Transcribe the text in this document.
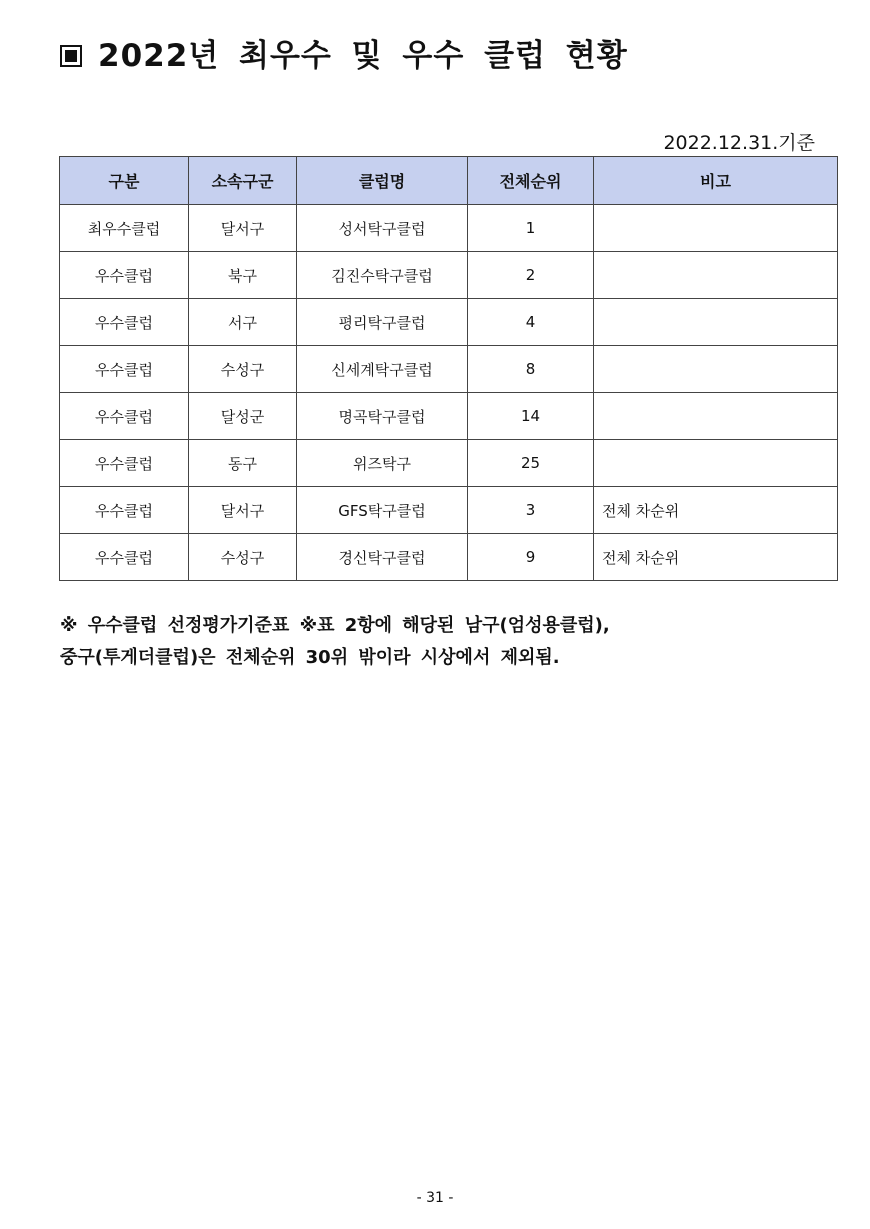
2022년 최우수 및 우수 클럽 현황
2022.12.31.기준
구분	소속구군	클럽명	전체순위	비고
최우수클럽	달서구	성서탁구클럽	1	
우수클럽	북구	김진수탁구클럽	2	
우수클럽	서구	평리탁구클럽	4	
우수클럽	수성구	신세계탁구클럽	8	
우수클럽	달성군	명곡탁구클럽	14	
우수클럽	동구	위즈탁구	25	
우수클럽	달서구	GFS탁구클럽	3	전체 차순위
우수클럽	수성구	경신탁구클럽	9	전체 차순위
※ 우수클럽 선정평가기준표 ※표 2항에 해당된 남구(엄성용클럽),
중구(투게더클럽)은 전체순위 30위 밖이라 시상에서 제외됨.
- 31 -
